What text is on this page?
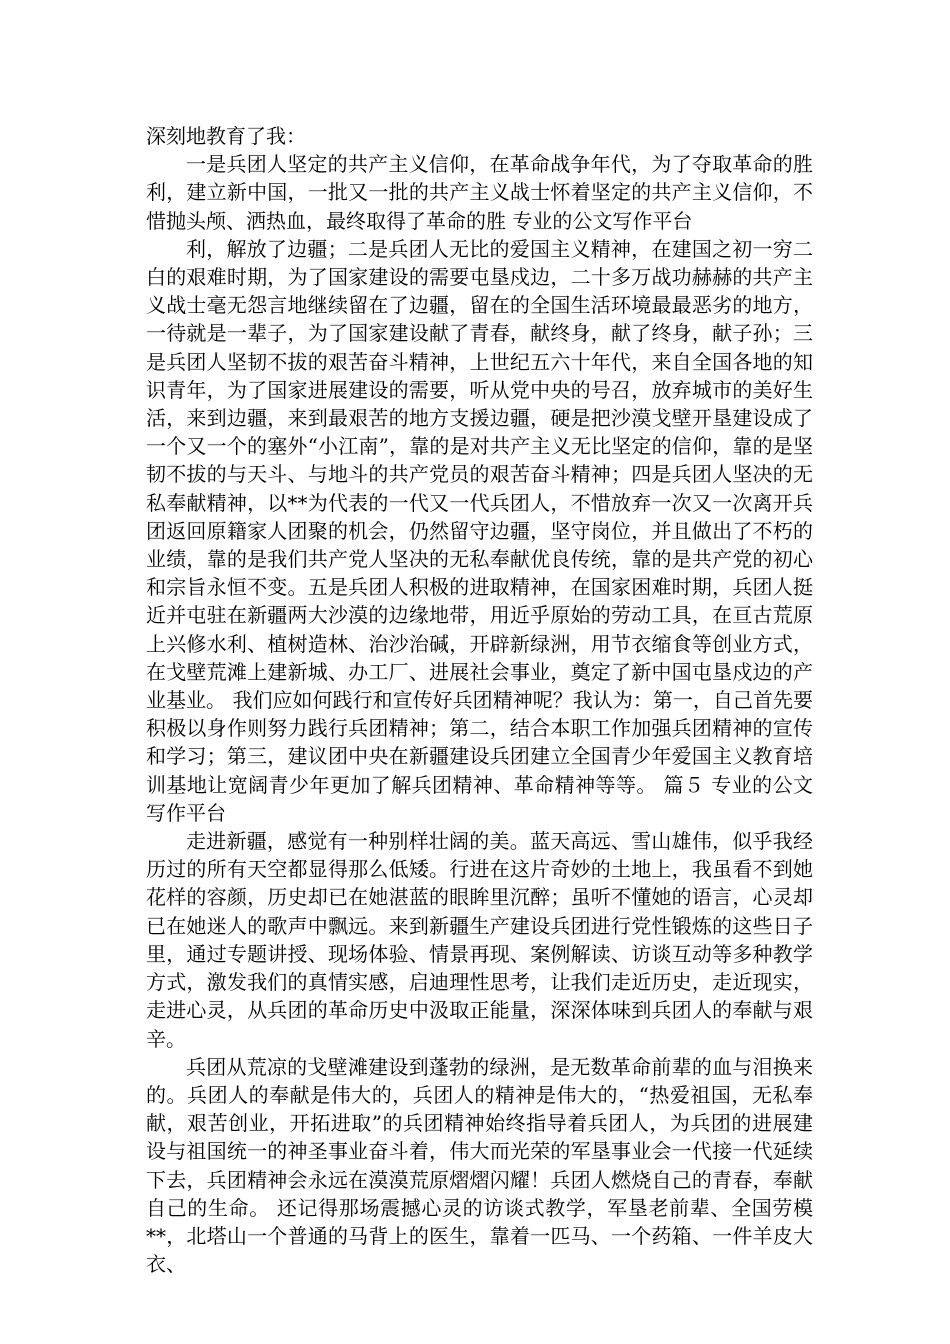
深刻地教育了我：

一是兵团人坚定的共产主义信仰，在革命战争年代，为了夺取革命的胜利，建立新中国，一批又一批的共产主义战士怀着坚定的共产主义信仰，不惜抛头颅、洒热血，最终取得了革命的胜 专业的公文写作平台

利，解放了边疆；二是兵团人无比的爱国主义精神，在建国之初一穷二白的艰难时期，为了国家建设的需要屯垦戍边，二十多万战功赫赫的共产主义战士毫无怨言地继续留在了边疆，留在的全国生活环境最最恶劣的地方，一待就是一辈子，为了国家建设献了青春，献终身，献了终身，献子孙；三是兵团人坚韧不拔的艰苦奋斗精神，上世纪五六十年代，来自全国各地的知识青年，为了国家进展建设的需要，听从党中央的号召，放弃城市的美好生活，来到边疆，来到最艰苦的地方支援边疆，硬是把沙漠戈壁开垦建设成了一个又一个的塞外“小江南”，靠的是对共产主义无比坚定的信仰，靠的是坚韧不拔的与天斗、与地斗的共产党员的艰苦奋斗精神；四是兵团人坚决的无私奉献精神，以**为代表的一代又一代兵团人，不惜放弃一次又一次离开兵团返回原籍家人团聚的机会，仍然留守边疆，坚守岗位，并且做出了不朽的业绩，靠的是我们共产党人坚决的无私奉献优良传统，靠的是共产党的初心和宗旨永恒不变。五是兵团人积极的进取精神，在国家困难时期，兵团人挺近并屯驻在新疆两大沙漠的边缘地带，用近乎原始的劳动工具，在亘古荒原上兴修水利、植树造林、治沙治碱，开辟新绿洲，用节衣缩食等创业方式，在戈壁荒滩上建新城、办工厂、进展社会事业，奠定了新中国屯垦戍边的产业基业。 我们应如何践行和宣传好兵团精神呢？我认为：第一，自己首先要积极以身作则努力践行兵团精神；第二，结合本职工作加强兵团精神的宣传和学习；第三，建议团中央在新疆建设兵团建立全国青少年爱国主义教育培训基地让宽阔青少年更加了解兵团精神、革命精神等等。 篇５ 专业的公文写作平台

走进新疆，感觉有一种别样壮阔的美。蓝天高远、雪山雄伟，似乎我经历过的所有天空都显得那么低矮。行进在这片奇妙的土地上，我虽看不到她花样的容颜，历史却已在她湛蓝的眼眸里沉醉；虽听不懂她的语言，心灵却已在她迷人的歌声中飘远。来到新疆生产建设兵团进行党性锻炼的这些日子里，通过专题讲授、现场体验、情景再现、案例解读、访谈互动等多种教学方式，激发我们的真情实感，启迪理性思考，让我们走近历史，走近现实，走进心灵，从兵团的革命历史中汲取正能量，深深体味到兵团人的奉献与艰辛。

兵团从荒凉的戈壁滩建设到蓬勃的绿洲，是无数革命前辈的血与泪换来的。兵团人的奉献是伟大的，兵团人的精神是伟大的，“热爱祖国，无私奉献，艰苦创业，开拓进取”的兵团精神始终指导着兵团人，为兵团的进展建设与祖国统一的神圣事业奋斗着，伟大而光荣的军垦事业会一代接一代延续下去，兵团精神会永远在漠漠荒原熠熠闪耀！兵团人燃烧自己的青春，奉献自己的生命。 还记得那场震撼心灵的访谈式教学，军垦老前辈、全国劳模**，北塔山一个普通的马背上的医生，靠着一匹马、一个药箱、一件羊皮大衣、
